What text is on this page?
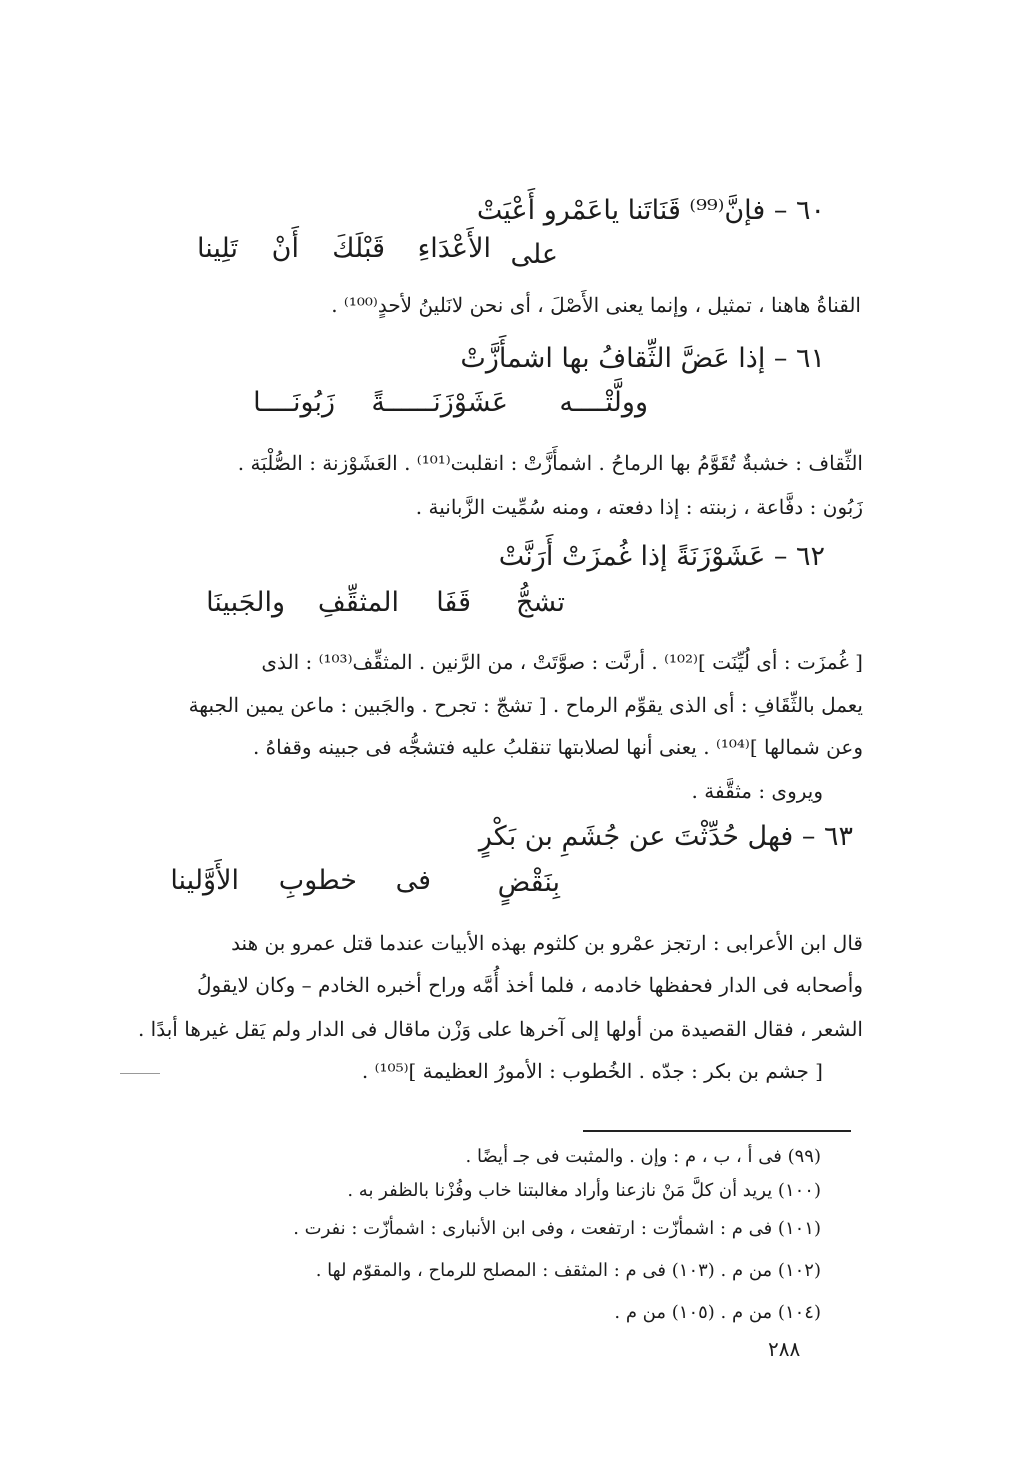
٦٠ – فإنَّ⁽⁹⁹⁾ قَنَاتَنا ياعَمْرو أَعْيَتْ
على
الأَعْدَاءِ
قَبْلَكَ
أَنْ
تَلِينا
القناةُ هاهنا ، تمثيل ، وإنما يعنى الأَصْلَ ، أى نحن لانَلينُ لأحدٍ⁽¹⁰⁰⁾ .
٦١ – إذا عَضَّ الثِّقافُ بها اشمأَزَّتْ
وولَّتْــــه
عَشَوْزَنَــــــةً
زَبُونَــــا
الثِّقاف : خشبةٌ تُقَوَّمُ بها الرماحُ . اشمأَزَّتْ : انقلبت⁽¹⁰¹⁾ . العَشَوْزنة : الصُّلْبَة .
زَبُون : دفَّاعة ، زبنته : إذا دفعته ، ومنه سُمِّيت الزَّبانية .
٦٢ – عَشَوْزَنَةً إذا غُمزَتْ أَرَنَّتْ
تشجُّ
قَفَا
المثقِّفِ
والجَبينَا
[ غُمزَت : أى لُيِّنَت ]⁽¹⁰²⁾ . أرنَّت : صوَّتَتْ ، من الرَّنين . المثقِّف⁽¹⁰³⁾ : الذى
يعمل بالثِّقَافِ : أى الذى يقوِّم الرماح . [ تشجّ : تجرح . والجَبين : ماعن يمين الجبهة
وعن شمالها ]⁽¹⁰⁴⁾ . يعنى أنها لصلابتها تنقلبُ عليه فتشجُّه فى جبينه وقفاهُ .
ويروى : مثقَّفة .
٦٣ – فهل حُدِّثْتَ عن جُشَمِ بن بَكْرٍ
بِنَقْضٍ
فى
خطوبِ
الأَوَّلينا
قال ابن الأعرابى : ارتجز عمْرو بن كلثوم بهذه الأبيات عندما قتل عمرو بن هند
وأصحابه فى الدار فحفظها خادمه ، فلما أخذ أُمَّه وراح أخبره الخادم – وكان لايقولُ
الشعر ، فقال القصيدة من أولها إلى آخرها على وَزْن ماقال فى الدار ولم يَقل غيرها أبدًا .
[ جشم بن بكر : جدّه . الخُطوب : الأمورُ العظيمة ]⁽¹⁰⁵⁾ .
(٩٩) فى أ ، ب ، م : وإن . والمثبت فى جـ أيضًا .
(١٠٠) يريد أن كلَّ مَنْ نازعنا وأراد مغالبتنا خاب وفُزْنا بالظفر به .
(١٠١) فى م : اشمأزّت : ارتفعت ، وفى ابن الأنبارى : اشمأزّت : نفرت .
(١٠٢) من م . (١٠٣) فى م : المثقف : المصلح للرماح ، والمقوّم لها .
(١٠٤) من م . (١٠٥) من م .
٢٨٨
